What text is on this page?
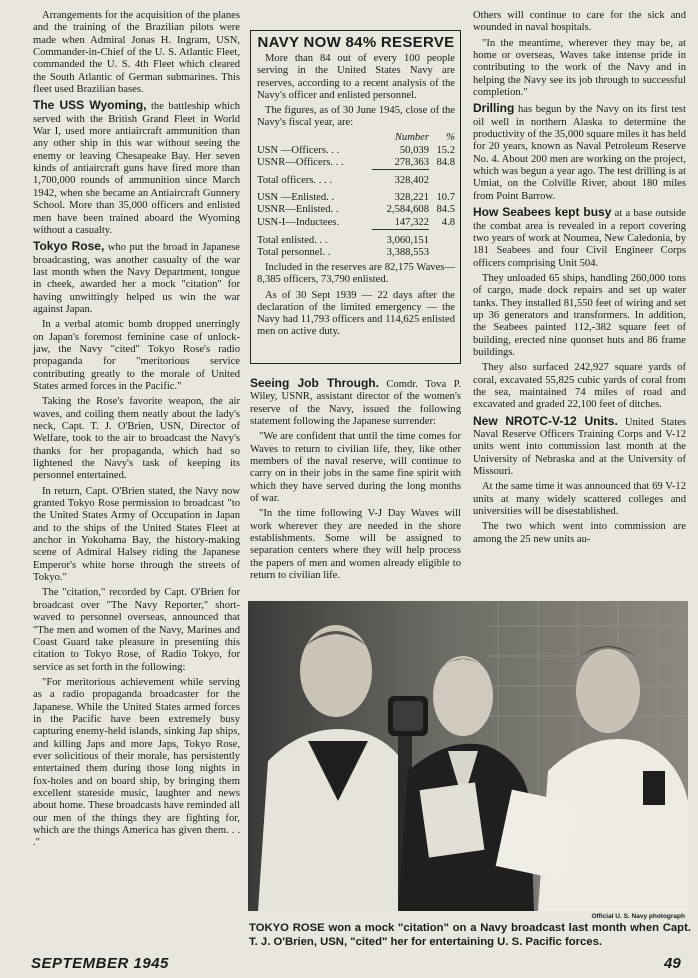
Arrangements for the acquisition of the planes and the training of the Brazilian pilots were made when Admiral Jonas H. Ingram, USN, Commander-in-Chief of the U. S. Atlantic Fleet, commanded the U. S. 4th Fleet which cleared the South Atlantic of German submarines. This fleet used Brazilian bases.

The USS Wyoming, the battleship which served with the British Grand Fleet in World War I, used more antiaircraft ammunition than any other ship in this war without seeing the enemy or leaving Chesapeake Bay. Her seven kinds of antiaircraft guns have fired more than 1,700,000 rounds of ammunition since March 1942, when she became an Antiaircraft Gunnery School. More than 35,000 officers and enlisted men have been trained aboard the Wyoming without a casualty.

Tokyo Rose, who put the broad in Japanese broadcasting, was another casualty of the war last month when the Navy Department, tongue in cheek, awarded her a mock "citation" for having unwittingly helped us win the war against Japan.

In a verbal atomic bomb dropped unerringly on Japan's foremost feminine case of unlock-jaw, the Navy "cited" Tokyo Rose's radio propaganda for "meritorious service contributing greatly to the morale of United States armed forces in the Pacific."

Taking the Rose's favorite weapon, the air waves, and coiling them neatly about the lady's neck, Capt. T. J. O'Brien, USN, Director of Welfare, took to the air to broadcast the Navy's thanks for her propaganda, which had so lightened the Navy's task of keeping its personnel entertained.

In return, Capt. O'Brien stated, the Navy now granted Tokyo Rose permission to broadcast "to the United States Army of Occupation in Japan and to the ships of the United States Fleet at anchor in Yokohama Bay, the history-making scene of Admiral Halsey riding the Japanese Emperor's white horse through the streets of Tokyo."

The "citation," recorded by Capt. O'Brien for broadcast over "The Navy Reporter," short-waved to personnel overseas, announced that "The men and women of the Navy, Marines and Coast Guard take pleasure in presenting this citation to Tokyo Rose, of Radio Tokyo, for service as set forth in the following:

"For meritorious achievement while serving as a radio propaganda broadcaster for the Japanese. While the United States armed forces in the Pacific have been extremely busy capturing enemy-held islands, sinking Jap ships, and killing Japs and more Japs, Tokyo Rose, ever solicitious of their morale, has persistently entertained them during those long nights in fox-holes and on board ship, by bringing them excellent stateside music, laughter and news about home. These broadcasts have reminded all our men of the things they are fighting for, which are the things America has given them. . . ."

NAVY NOW 84% RESERVE

More than 84 out of every 100 people serving in the United States Navy are reserves, according to a recent analysis of the Navy's officer and enlisted personnel.

The figures, as of 30 June 1945, close of the Navy's fiscal year, are:

	Number	%
USN —Officers. . .	50,039	15.2
USNR—Officers. . .	278,363	84.8
Total officers. . . .	328,402	
USN —Enlisted. .	328,221	10.7
USNR—Enlisted. .	2,584,608	84.5
USN-I—Inductees.	147,322	4.8
Total enlisted. . .	3,060,151	
Total personnel. .	3,388,553	

Included in the reserves are 82,175 Waves—8,385 officers, 73,790 enlisted.

As of 30 Sept 1939 — 22 days after the declaration of the limited emergency — the Navy had 11,793 officers and 114,625 enlisted men on active duty.

Seeing Job Through. Comdr. Tova P. Wiley, USNR, assistant director of the women's reserve of the Navy, issued the following statement following the Japanese surrender:

"We are confident that until the time comes for Waves to return to civilian life, they, like other members of the naval reserve, will continue to carry on in their jobs in the same fine spirit with which they have served during the long months of war.

"In the time following V-J Day Waves will work wherever they are needed in the shore establishments. Some will be assigned to separation centers where they will help process the papers of men and women already eligible to return to civilian life.

Others will continue to care for the sick and wounded in naval hospitals.

"In the meantime, wherever they may be, at home or overseas, Waves take intense pride in contributing to the work of the Navy and in helping the Navy see its job through to successful completion."

Drilling has begun by the Navy on its first test oil well in northern Alaska to determine the productivity of the 35,000 square miles it has held for 20 years, known as Naval Petroleum Reserve No. 4. About 200 men are working on the project, which was begun a year ago. The test drilling is at Umiat, on the Colville River, about 180 miles from Point Barrow.

How Seabees kept busy at a base outside the combat area is revealed in a report covering two years of work at Noumea, New Caledonia, by 181 Seabees and four Civil Engineer Corps officers comprising Unit 504.

They unloaded 65 ships, handling 260,000 tons of cargo, made dock repairs and set up water tanks. They installed 81,550 feet of wiring and set up 36 generators and transformers. In addition, the Seabees painted 112,-382 square feet of building, erected nine quonset huts and 86 frame buildings.

They also surfaced 242,927 square yards of coral, excavated 55,825 cubic yards of coral from the sea, maintained 74 miles of road and excavated and graded 22,100 feet of ditches.

New NROTC-V-12 Units. United States Naval Reserve Officers Training Corps and V-12 units went into commission last month at the University of Nebraska and at the University of Missouri.

At the same time it was announced that 69 V-12 units at many widely scattered colleges and universities will be disestablished.

The two which went into commission are among the 25 new units au-

Official U. S. Navy photograph
TOKYO ROSE won a mock "citation" on a Navy broadcast last month when Capt. T. J. O'Brien, USN, "cited" her for entertaining U. S. Pacific forces.
SEPTEMBER 1945	49
